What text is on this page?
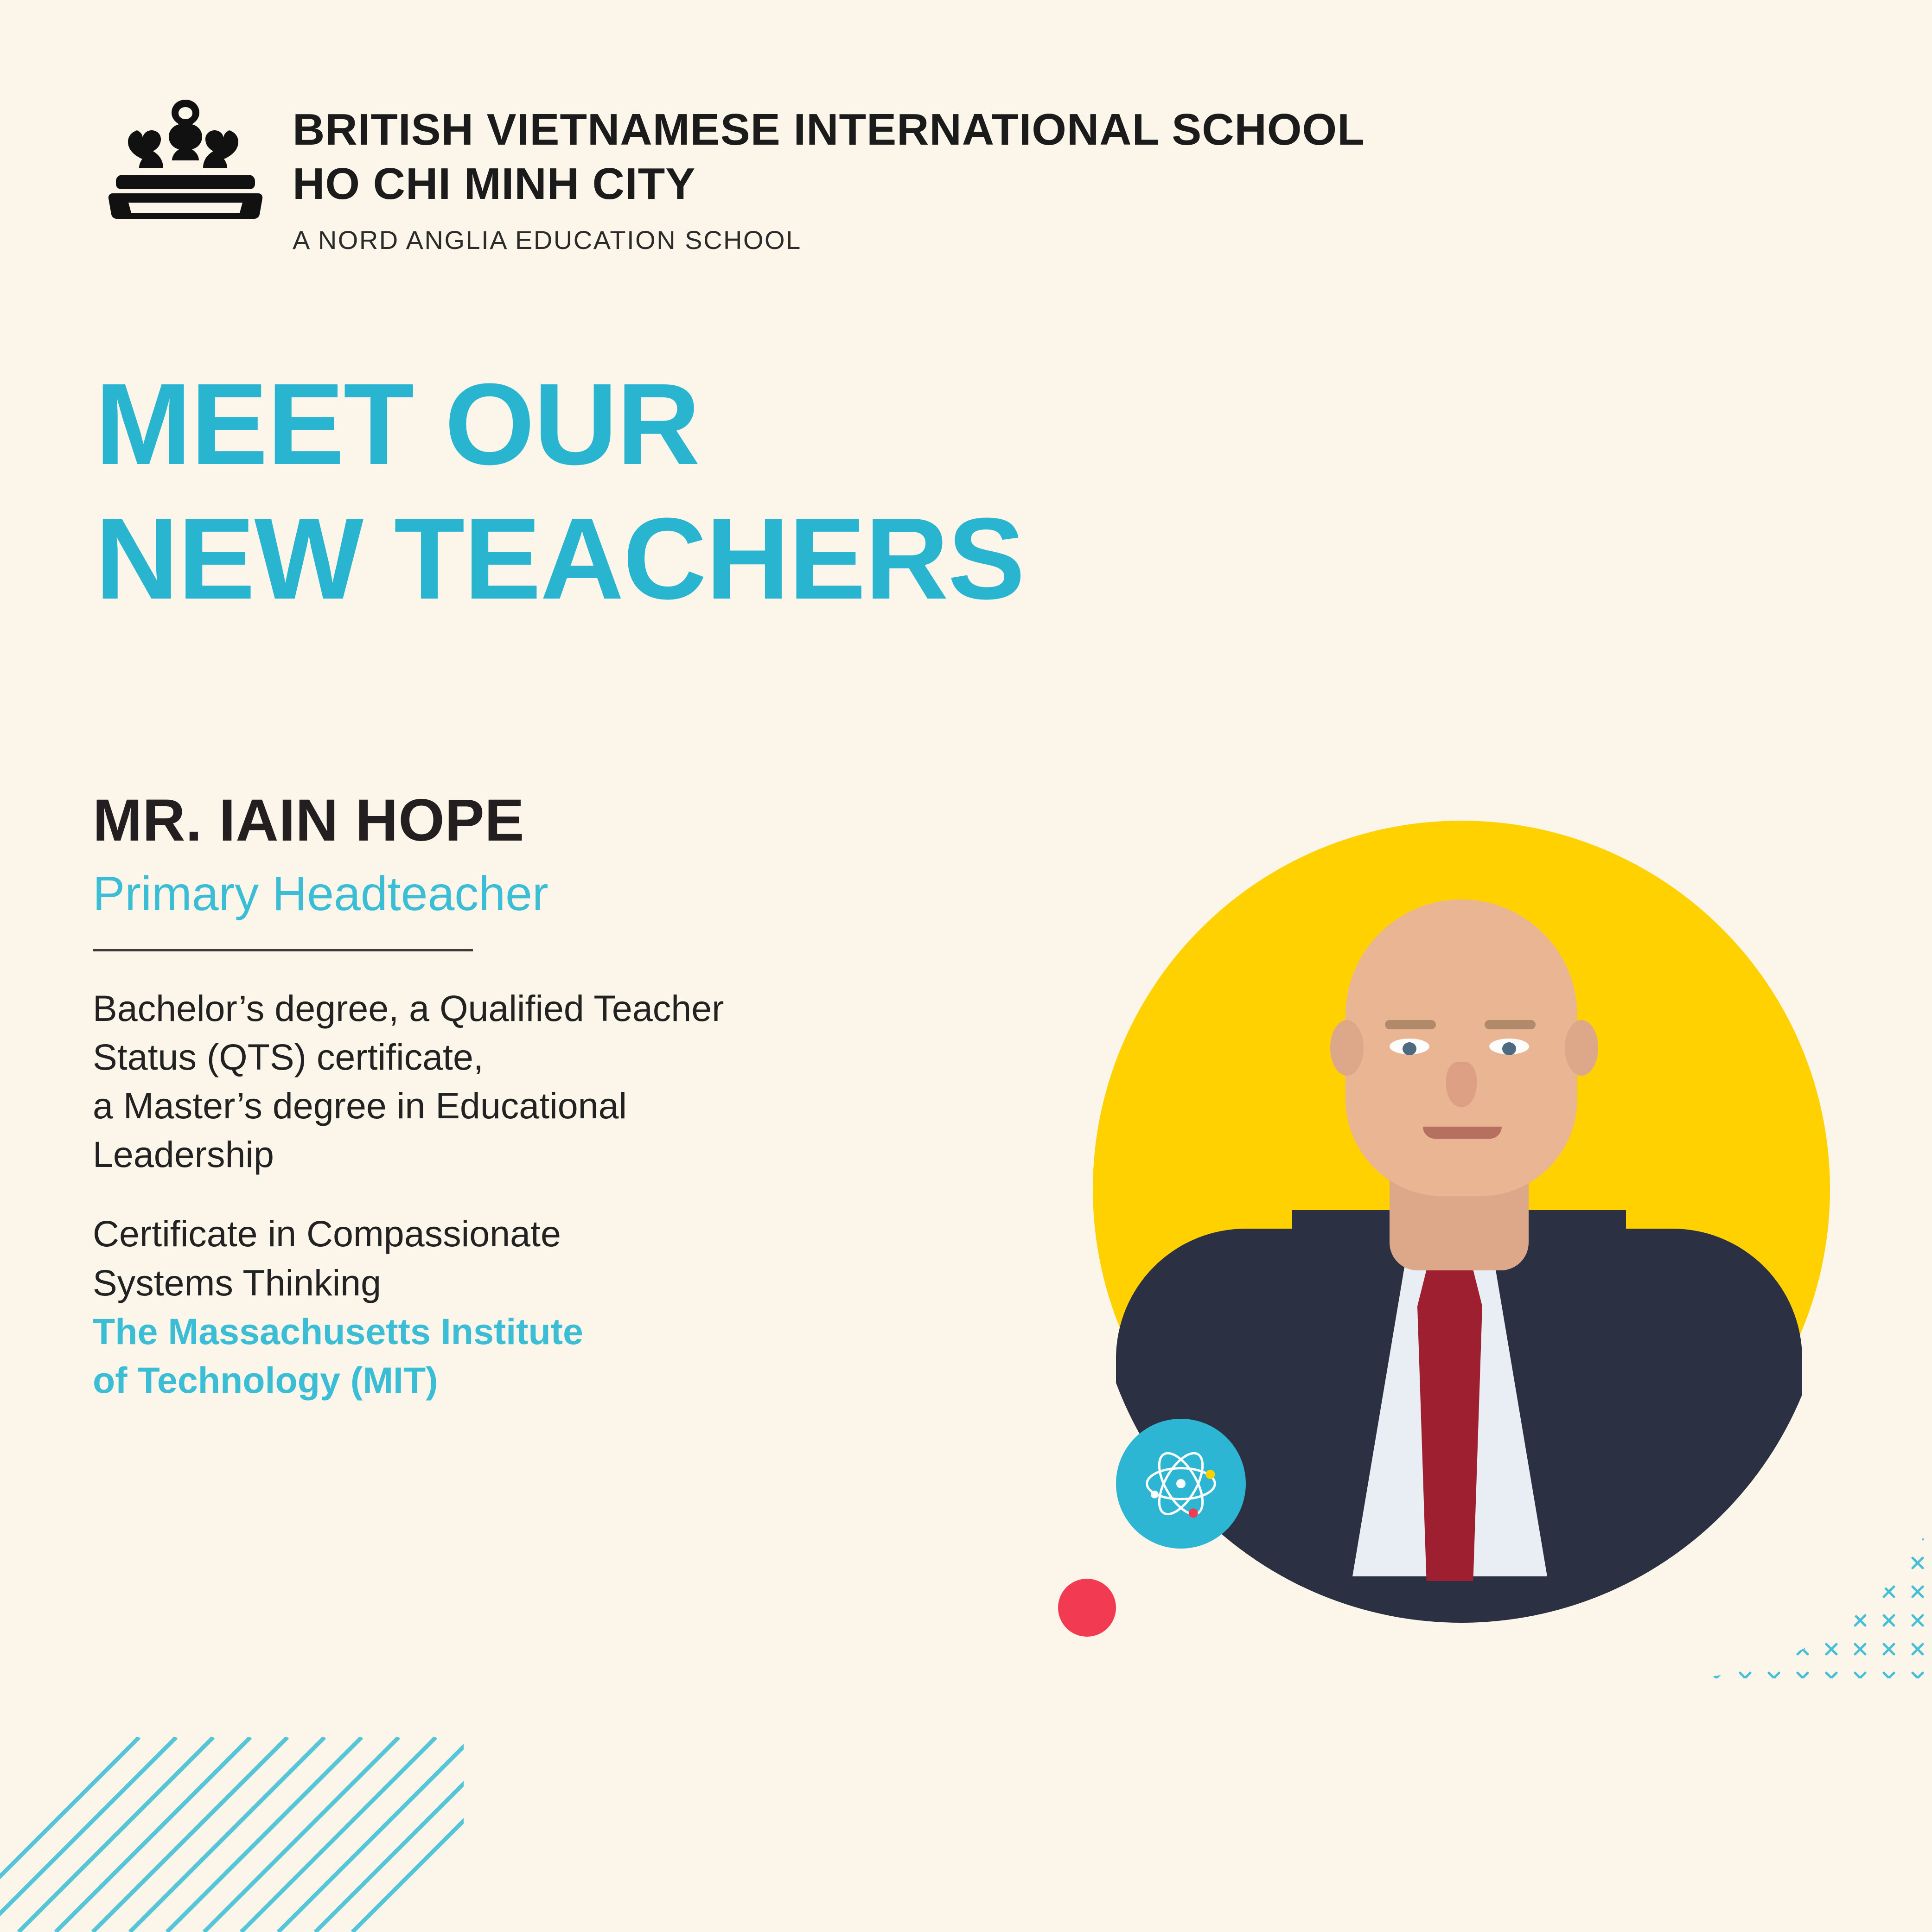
BRITISH VIETNAMESE INTERNATIONAL SCHOOL
HO CHI MINH CITY
A NORD ANGLIA EDUCATION SCHOOL
MEET OUR
NEW TEACHERS
MR. IAIN HOPE
Primary Headteacher
Bachelor’s degree, a Qualified Teacher
Status (QTS) certificate,
a Master’s degree in Educational
Leadership
Certificate in Compassionate
Systems Thinking
The Massachusetts Institute
of Technology (MIT)
